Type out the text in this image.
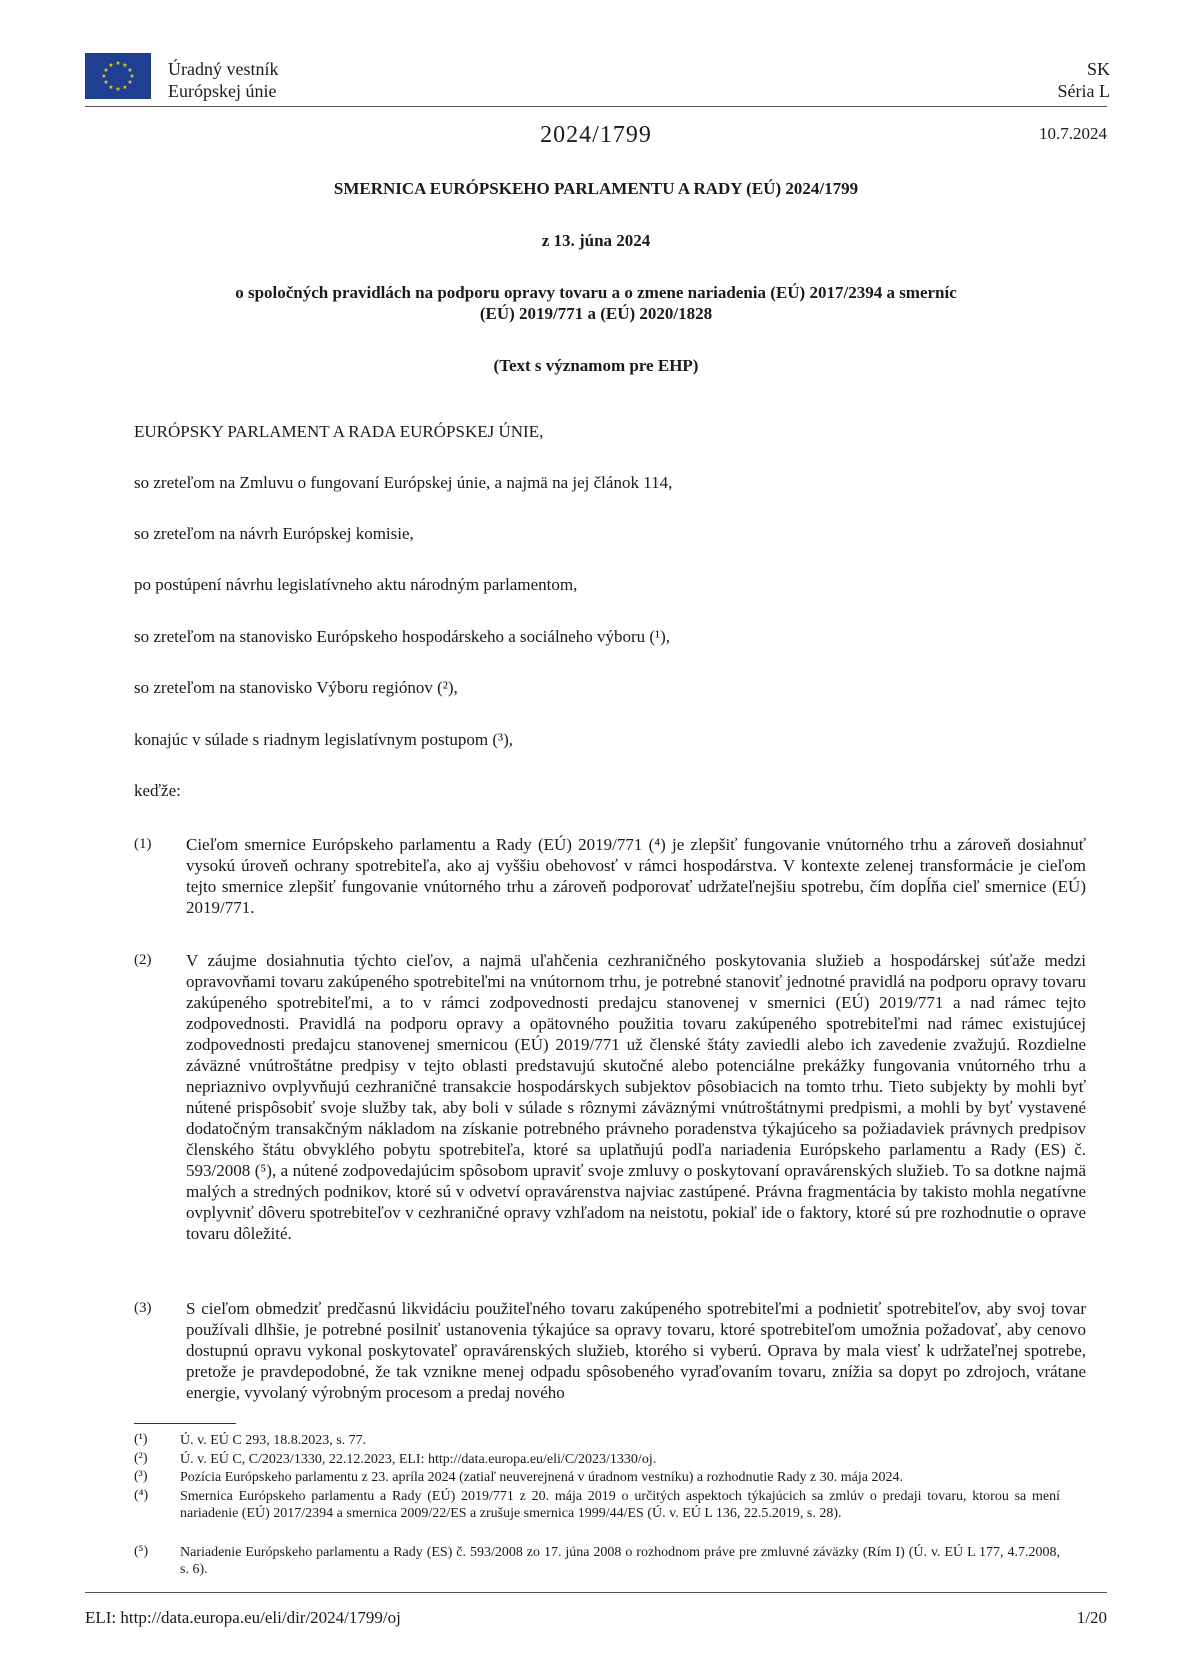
★ ★
★
★
★
★
★
★
★
★
★
★	Úradný vestník
Európskej únie
SK
Séria L
2024/1799	10.7.2024
SMERNICA EURÓPSKEHO PARLAMENTU A RADY (EÚ) 2024/1799
z 13. júna 2024
o spoločných pravidlách na podporu opravy tovaru a o zmene nariadenia (EÚ) 2017/2394 a smerníc
(EÚ) 2019/771 a (EÚ) 2020/1828
(Text s významom pre EHP)
EURÓPSKY PARLAMENT A RADA EURÓPSKEJ ÚNIE,
so zreteľom na Zmluvu o fungovaní Európskej únie, a najmä na jej článok 114,
so zreteľom na návrh Európskej komisie,
po postúpení návrhu legislatívneho aktu národným parlamentom,
so zreteľom na stanovisko Európskeho hospodárskeho a sociálneho výboru (¹),
so zreteľom na stanovisko Výboru regiónov (²),
konajúc v súlade s riadnym legislatívnym postupom (³),
keďže:
(1) Cieľom smernice Európskeho parlamentu a Rady (EÚ) 2019/771 (⁴) je zlepšiť fungovanie vnútorného trhu a zároveň dosiahnuť vysokú úroveň ochrany spotrebiteľa, ako aj vyššiu obehovosť v rámci hospodárstva. V kontexte zelenej transformácie je cieľom tejto smernice zlepšiť fungovanie vnútorného trhu a zároveň podporovať udržateľnejšiu spotrebu, čím dopĺňa cieľ smernice (EÚ) 2019/771.
(2) V záujme dosiahnutia týchto cieľov, a najmä uľahčenia cezhraničného poskytovania služieb a hospodárskej súťaže medzi opravovňami tovaru zakúpeného spotrebiteľmi na vnútornom trhu, je potrebné stanoviť jednotné pravidlá na podporu opravy tovaru zakúpeného spotrebiteľmi, a to v rámci zodpovednosti predajcu stanovenej v smernici (EÚ) 2019/771 a nad rámec tejto zodpovednosti. Pravidlá na podporu opravy a opätovného použitia tovaru zakúpeného spotrebiteľmi nad rámec existujúcej zodpovednosti predajcu stanovenej smernicou (EÚ) 2019/771 už členské štáty zaviedli alebo ich zavedenie zvažujú. Rozdielne záväzné vnútroštátne predpisy v tejto oblasti predstavujú skutočné alebo potenciálne prekážky fungovania vnútorného trhu a nepriaznivo ovplyvňujú cezhraničné transakcie hospodárskych subjektov pôsobiacich na tomto trhu. Tieto subjekty by mohli byť nútené prispôsobiť svoje služby tak, aby boli v súlade s rôznymi záväznými vnútroštátnymi predpismi, a mohli by byť vystavené dodatočným transakčným nákladom na získanie potrebného právneho poradenstva týkajúceho sa požiadaviek právnych predpisov členského štátu obvyklého pobytu spotrebiteľa, ktoré sa uplatňujú podľa nariadenia Európskeho parlamentu a Rady (ES) č. 593/2008 (⁵), a nútené zodpovedajúcim spôsobom upraviť svoje zmluvy o poskytovaní opravárenských služieb. To sa dotkne najmä malých a stredných podnikov, ktoré sú v odvetví opravárenstva najviac zastúpené. Právna fragmentácia by takisto mohla negatívne ovplyvniť dôveru spotrebiteľov v cezhraničné opravy vzhľadom na neistotu, pokiaľ ide o faktory, ktoré sú pre rozhodnutie o oprave tovaru dôležité.
(3) S cieľom obmedziť predčasnú likvidáciu použiteľného tovaru zakúpeného spotrebiteľmi a podnietiť spotrebiteľov, aby svoj tovar používali dlhšie, je potrebné posilniť ustanovenia týkajúce sa opravy tovaru, ktoré spotrebiteľom umožnia požadovať, aby cenovo dostupnú opravu vykonal poskytovateľ opravárenských služieb, ktorého si vyberú. Oprava by mala viesť k udržateľnej spotrebe, pretože je pravdepodobné, že tak vznikne menej odpadu spôsobeného vyraďovaním tovaru, znížia sa dopyt po zdrojoch, vrátane energie, vyvolaný výrobným procesom a predaj nového
(¹) Ú. v. EÚ C 293, 18.8.2023, s. 77.
(²) Ú. v. EÚ C, C/2023/1330, 22.12.2023, ELI: http://data.europa.eu/eli/C/2023/1330/oj.
(³) Pozícia Európskeho parlamentu z 23. apríla 2024 (zatiaľ neuverejnená v úradnom vestníku) a rozhodnutie Rady z 30. mája 2024.
(⁴) Smernica Európskeho parlamentu a Rady (EÚ) 2019/771 z 20. mája 2019 o určitých aspektoch týkajúcich sa zmlúv o predaji tovaru, ktorou sa mení nariadenie (EÚ) 2017/2394 a smernica 2009/22/ES a zrušuje smernica 1999/44/ES (Ú. v. EÚ L 136, 22.5.2019, s. 28).
(⁵) Nariadenie Európskeho parlamentu a Rady (ES) č. 593/2008 zo 17. júna 2008 o rozhodnom práve pre zmluvné záväzky (Rím I) (Ú. v. EÚ L 177, 4.7.2008, s. 6).
ELI: http://data.europa.eu/eli/dir/2024/1799/oj	1/20
